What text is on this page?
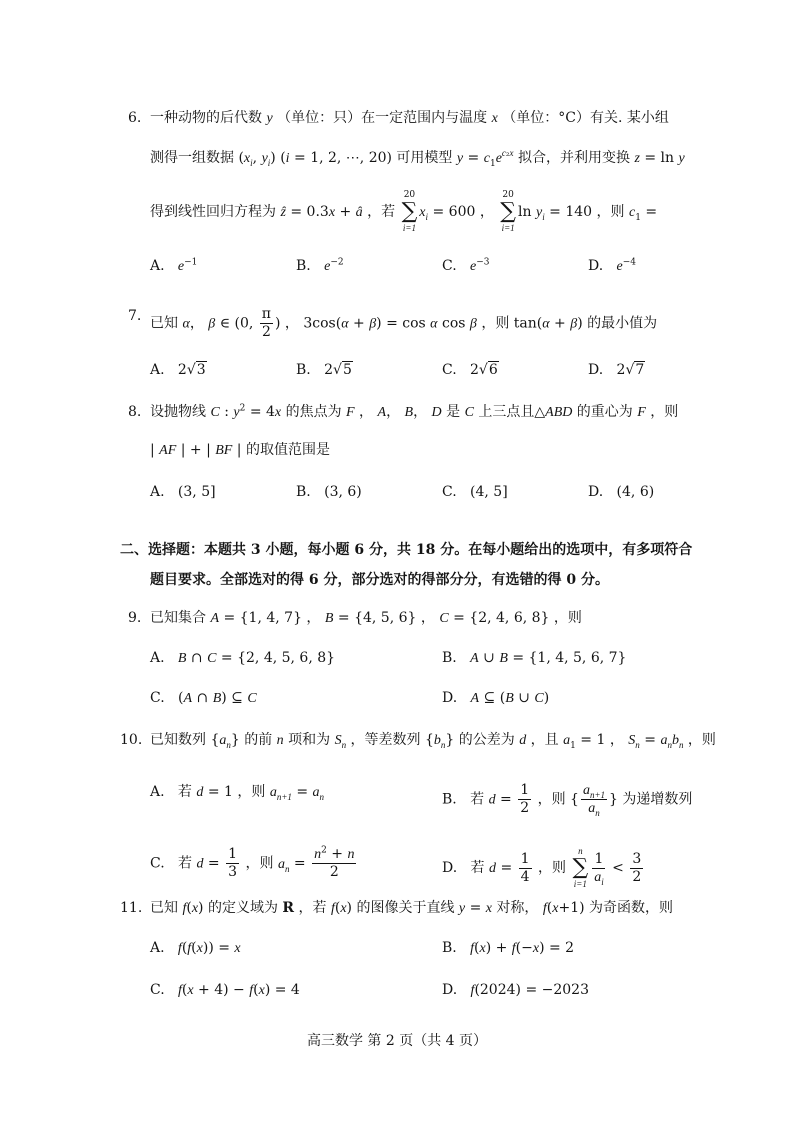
6. 一种动物的后代数 y （单位：只）在一定范围内与温度 x （单位：°C）有关. 某小组
测得一组数据 ($x_i$, $y_i$) (i = 1, 2, ⋯, 20) 可用模型 $y = c_1e^{c_2x}$ 拟合，并利用变换 z = ln y
得到线性回归方程为 ẑ = 0.3x + â ，若
20
∑
i=1
$x_i = 600$ ，
20
∑
i=1
$\ln y_i = 140$ ，则 $c_1$ =
A. $e^{-1}$	B. $e^{-2}$	C. $e^{-3}$	D. $e^{-4}$
7. 已知 α， β ∈ (0, $\frac{\pi}{2}$ ) ， 3cos(α + β) = cos α cos β ，则 tan(α + β) 的最小值为
A.   2√3	B.   2√5	C.   2√6	D.   2√7
8. 设抛物线 C : $y^2 = 4x$ 的焦点为 F ， A， B， D 是 C 上三点且△ABD 的重心为 F ，则
| AF | + | BF | 的取值范围是
A. (3, 5]	B. (3, 6)	C. (4, 5]	D. (4, 6)
二、选择题：本题共 3 小题，每小题 6 分，共 18 分。在每小题给出的选项中，有多项符合
题目要求。全部选对的得 6 分，部分选对的得部分分，有选错的得 0 分。
9. 已知集合 A = {1, 4, 7} ， B = {4, 5, 6} ， C = {2, 4, 6, 8} ，则
A. B ∩ C = {2, 4, 5, 6, 8}	B. A ∪ B = {1, 4, 5, 6, 7}
C.   (A ∩ B) ⊆ C	D. A ⊆ (B ∪ C)
10. 已知数列 $\{a_n\}$ 的前 n 项和为 $S_n$ ，等差数列 $\{b_n\}$ 的公差为 d ，且 $a_1 = 1$ ， $S_n = a_nb_n$ ，则
A.   若 d = 1 ，则 $a_{n+1} = a_n$	B.   若 $d = \frac{1}{2}$ ，则 { $\frac{a_{n+1}}{a_n}$ } 为递增数列
C.   若 $d = \frac{1}{3}$ ，则 $a_n = \frac{n^2 + n}{2}$	D.   若 $d = \frac{1}{4}$ ，则
n
∑
$i=1 \frac{1}{a_i} < \frac{3}{2}$
11. 已知 f(x) 的定义域为 R ，若 f(x) 的图像关于直线 y = x 对称， f(x+1) 为奇函数，则
A. f(f(x)) = x	B. f(x) + f(−x) = 2
C. f(x + 4) − f(x) = 4	D. f(2024) = −2023
高三数学 第 2 页（共 4 页）
